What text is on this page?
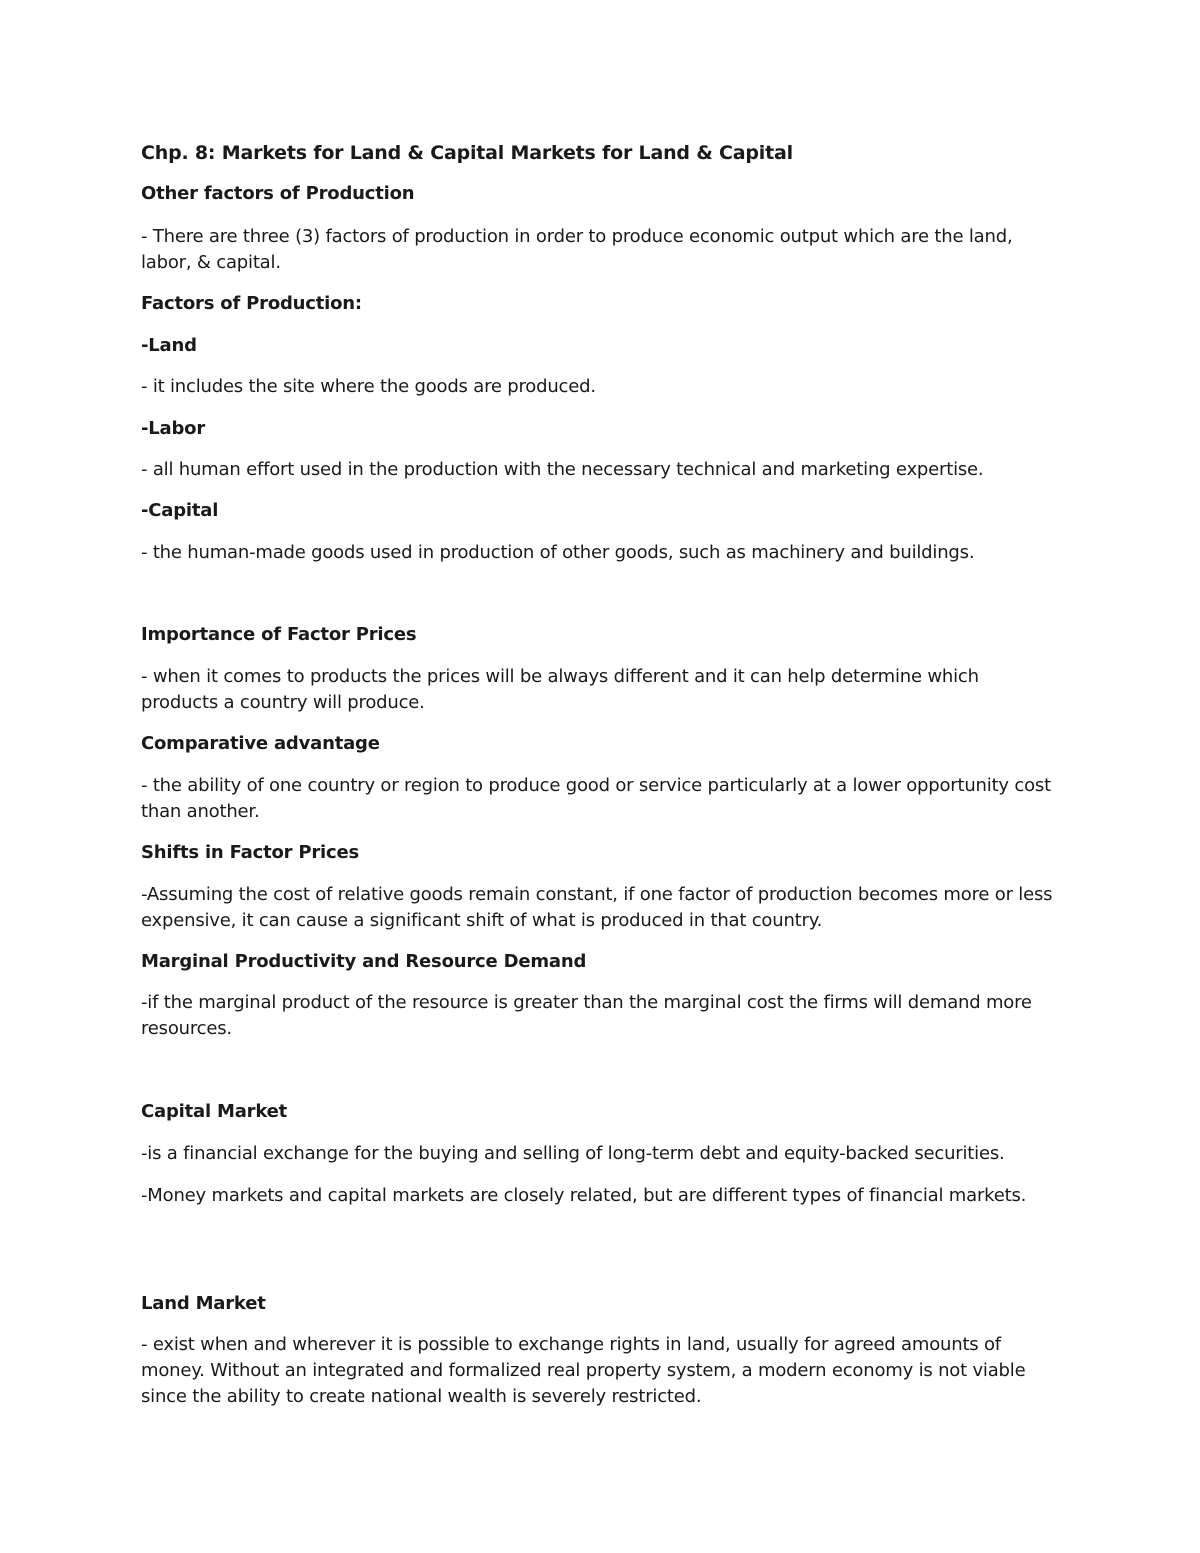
Chp. 8: Markets for Land & Capital Markets for Land & Capital

Other factors of Production

- There are three (3) factors of production in order to produce economic output which are the land, labor, & capital.

Factors of Production:

-Land

- it includes the site where the goods are produced.

-Labor

- all human effort used in the production with the necessary technical and marketing expertise.

-Capital

- the human-made goods used in production of other goods, such as machinery and buildings.

Importance of Factor Prices

- when it comes to products the prices will be always different and it can help determine which products a country will produce.

Comparative advantage

- the ability of one country or region to produce good or service particularly at a lower opportunity cost than another.

Shifts in Factor Prices

-Assuming the cost of relative goods remain constant, if one factor of production becomes more or less expensive, it can cause a significant shift of what is produced in that country.

Marginal Productivity and Resource Demand

-if the marginal product of the resource is greater than the marginal cost the firms will demand more resources.

Capital Market

-is a financial exchange for the buying and selling of long-term debt and equity-backed securities.

-Money markets and capital markets are closely related, but are different types of financial markets.

Land Market

- exist when and wherever it is possible to exchange rights in land, usually for agreed amounts of money. Without an integrated and formalized real property system, a modern economy is not viable since the ability to create national wealth is severely restricted.
